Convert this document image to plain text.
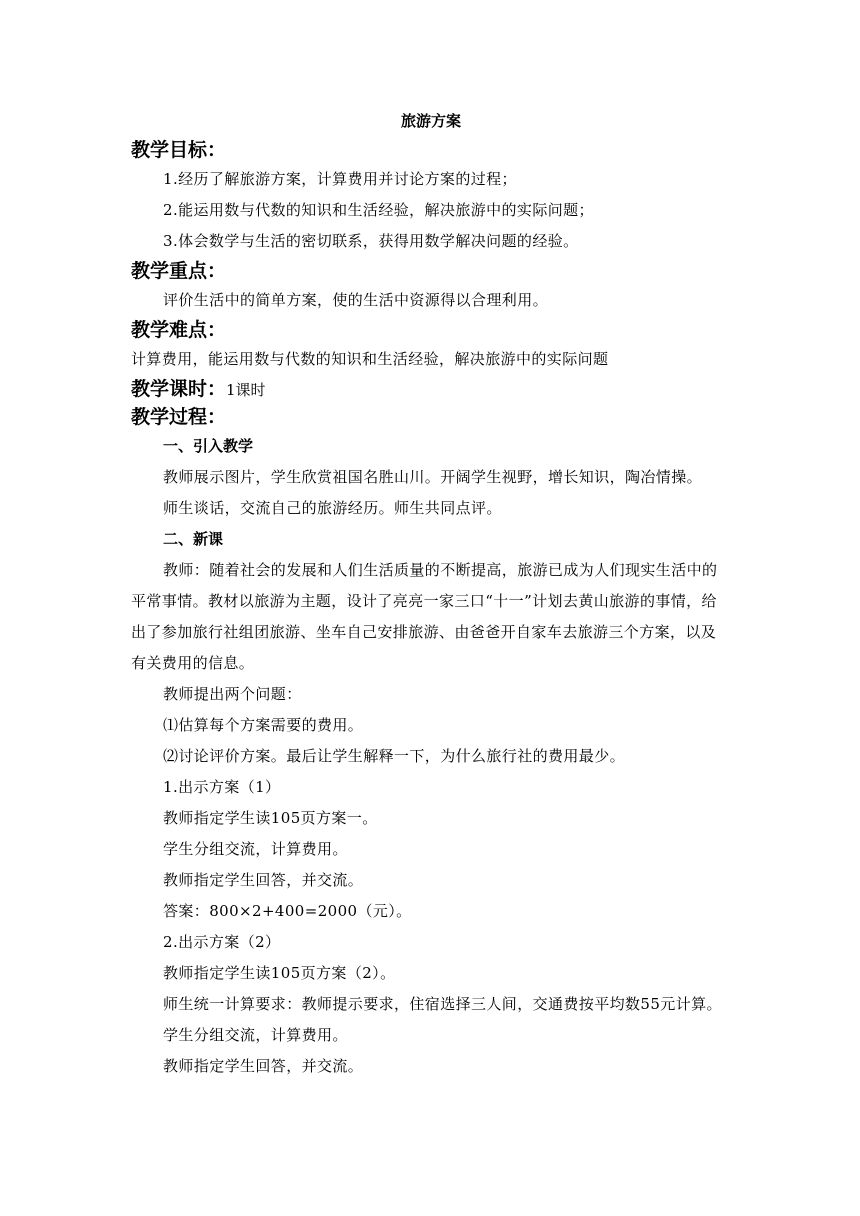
旅游方案
教学目标：
1.经历了解旅游方案，计算费用并讨论方案的过程；
2.能运用数与代数的知识和生活经验，解决旅游中的实际问题；
3.体会数学与生活的密切联系，获得用数学解决问题的经验。
教学重点：
评价生活中的简单方案，使的生活中资源得以合理利用。
教学难点：
计算费用，能运用数与代数的知识和生活经验，解决旅游中的实际问题
教学课时：1课时
教学过程：
一、引入教学
教师展示图片，学生欣赏祖国名胜山川。开阔学生视野，增长知识，陶冶情操。
师生谈话，交流自己的旅游经历。师生共同点评。
二、新课
教师：随着社会的发展和人们生活质量的不断提高，旅游已成为人们现实生活中的平常事情。教材以旅游为主题，设计了亮亮一家三口“十一”计划去黄山旅游的事情，给出了参加旅行社组团旅游、坐车自己安排旅游、由爸爸开自家车去旅游三个方案，以及有关费用的信息。
教师提出两个问题：
⑴估算每个方案需要的费用。
⑵讨论评价方案。最后让学生解释一下，为什么旅行社的费用最少。
1.出示方案（1）
教师指定学生读105页方案一。
学生分组交流，计算费用。
教师指定学生回答，并交流。
答案：800×2+400=2000（元）。
2.出示方案（2）
教师指定学生读105页方案（2）。
师生统一计算要求：教师提示要求，住宿选择三人间，交通费按平均数55元计算。
学生分组交流，计算费用。
教师指定学生回答，并交流。
